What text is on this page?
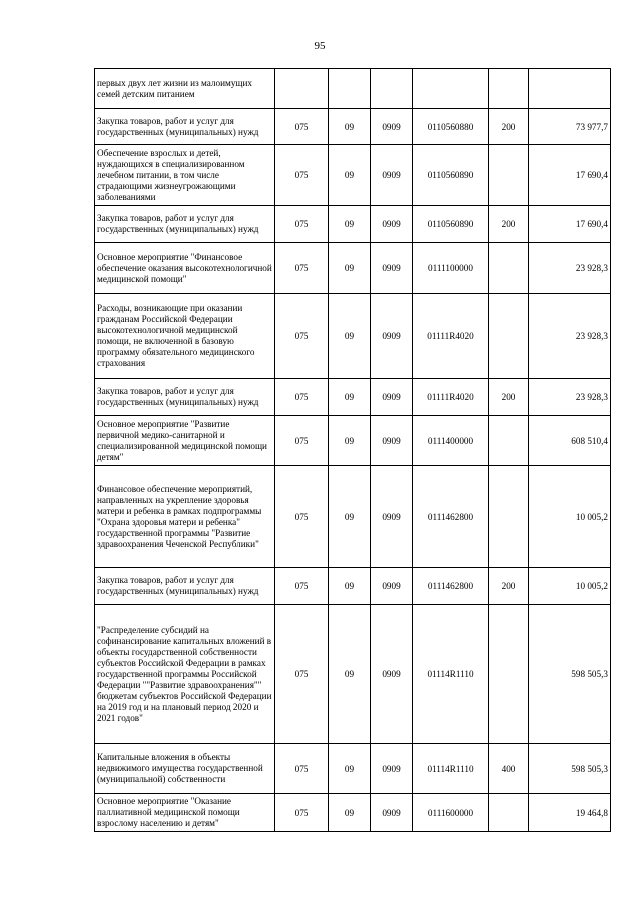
95
первых двух лет жизни из малоимущих семей детским питанием						
Закупка товаров, работ и услуг для государственных (муниципальных) нужд	075	09	0909	0110560880	200	73 977,7
Обеспечение взрослых и детей, нуждающихся в специализированном лечебном питании, в том числе страдающими жизнеугрожающими заболеваниями	075	09	0909	0110560890		17 690,4
Закупка товаров, работ и услуг для государственных (муниципальных) нужд	075	09	0909	0110560890	200	17 690,4
Основное мероприятие "Финансовое обеспечение оказания высокотехнологичной медицинской помощи"	075	09	0909	0111100000		23 928,3
Расходы, возникающие при оказании гражданам Российской Федерации высокотехнологичной медицинской помощи, не включенной в базовую программу обязательного медицинского страхования	075	09	0909	01111R4020		23 928,3
Закупка товаров, работ и услуг для государственных (муниципальных) нужд	075	09	0909	01111R4020	200	23 928,3
Основное мероприятие "Развитие первичной медико-санитарной и специализированной медицинской помощи детям"	075	09	0909	0111400000		608 510,4
Финансовое обеспечение мероприятий, направленных на укрепление здоровья матери и ребенка в рамках подпрограммы "Охрана здоровья матери и ребенка" государственной программы "Развитие здравоохранения Чеченской Республики"	075	09	0909	0111462800		10 005,2
Закупка товаров, работ и услуг для государственных (муниципальных) нужд	075	09	0909	0111462800	200	10 005,2
"Распределение субсидий на софинансирование капитальных вложений в объекты государственной собственности субъектов Российской Федерации в рамках государственной программы Российской Федерации ""Развитие здравоохранения"" бюджетам субъектов Российской Федерации на 2019 год и на плановый период 2020 и 2021 годов"	075	09	0909	01114R1110		598 505,3
Капитальные вложения в объекты недвижимого имущества государственной (муниципальной) собственности	075	09	0909	01114R1110	400	598 505,3
Основное мероприятие "Оказание паллиативной медицинской помощи взрослому населению и детям"	075	09	0909	0111600000		19 464,8
